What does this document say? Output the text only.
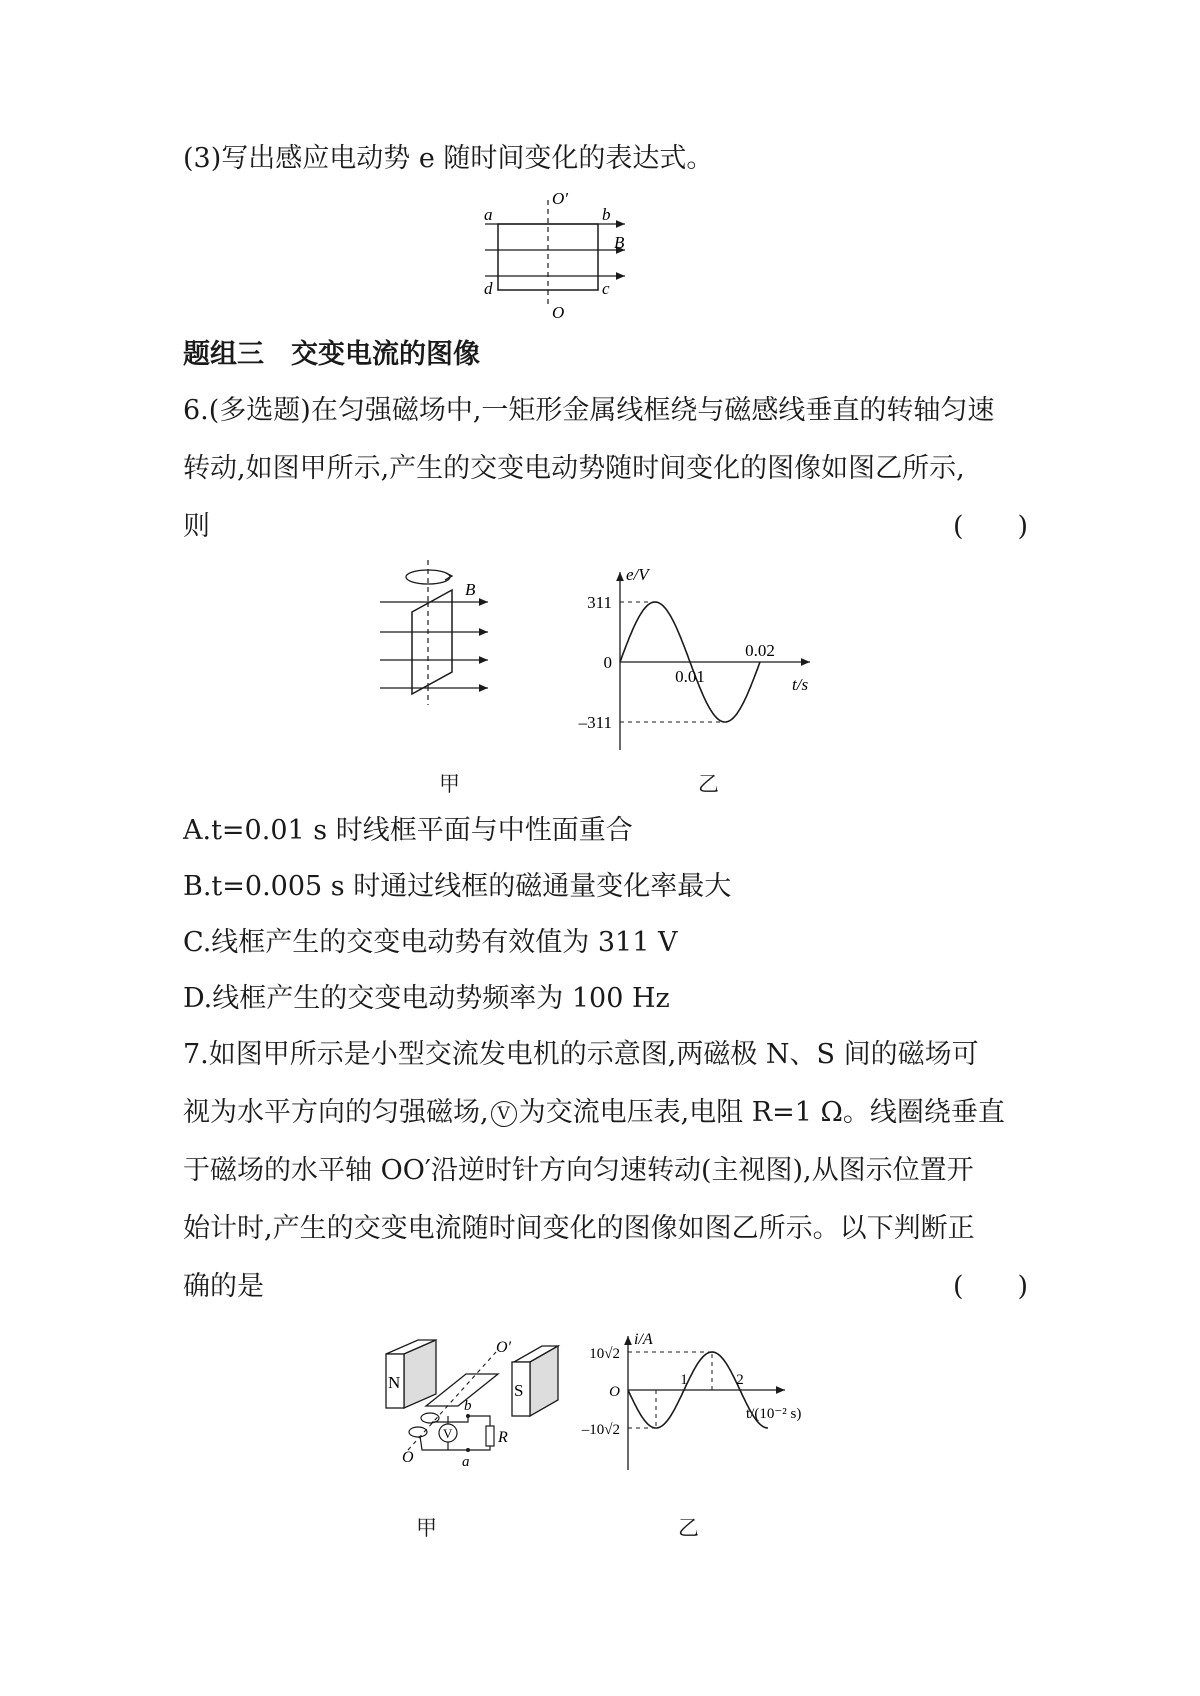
(3)写出感应电动势 e 随时间变化的表达式。
O′
O
a	b
B
d	c
题组三　交变电流的图像
6.(多选题)在匀强磁场中,一矩形金属线框绕与磁感线垂直的转轴匀速
转动,如图甲所示,产生的交变电动势随时间变化的图像如图乙所示,
则	(　　)
B
甲
e/V
t/s
311
0
–311
0.01
0.02
乙
A.t=0.01 s 时线框平面与中性面重合
B.t=0.005 s 时通过线框的磁通量变化率最大
C.线框产生的交变电动势有效值为 311 V
D.线框产生的交变电动势频率为 100 Hz
7.如图甲所示是小型交流发电机的示意图,两磁极 N、S 间的磁场可
视为水平方向的匀强磁场, V 为交流电压表,电阻 R=1 Ω。线圈绕垂直
于磁场的水平轴 OO′沿逆时针方向匀速转动(主视图),从图示位置开
始计时,产生的交变电流随时间变化的图像如图乙所示。以下判断正
确的是	(　　)
N	S
O′
O
V
b
R
a
甲
i/A
t/(10⁻² s)
10√2
O
–10√2
1	2
乙
